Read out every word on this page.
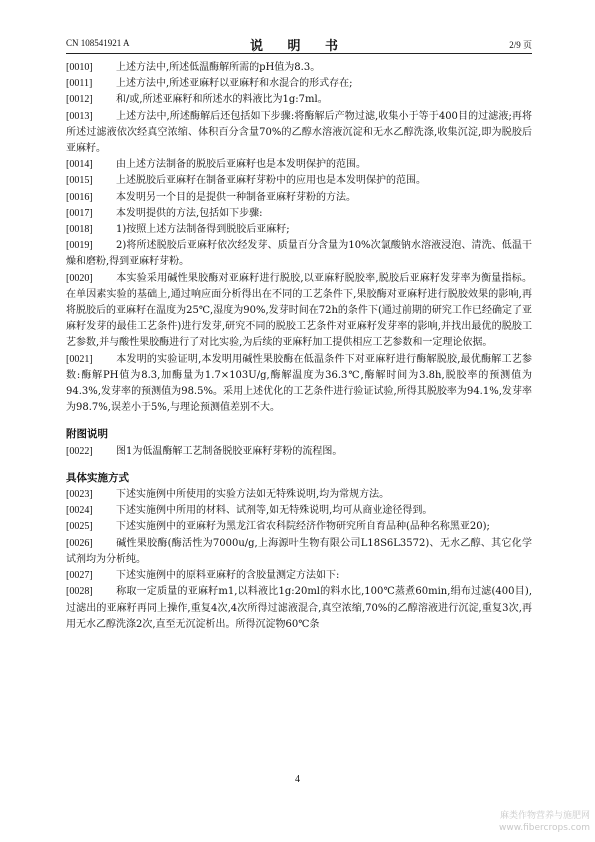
CN 108541921 A	说 明 书	2/9 页
[0010] 上述方法中,所述低温酶解所需的pH值为8.3。
[0011] 上述方法中,所述亚麻籽以亚麻籽和水混合的形式存在;
[0012] 和/或,所述亚麻籽和所述水的料液比为1g:7ml。
[0013] 上述方法中,所述酶解后还包括如下步骤:将酶解后产物过滤,收集小于等于400目的过滤液;再将所述过滤液依次经真空浓缩、体积百分含量70%的乙醇水溶液沉淀和无水乙醇洗涤,收集沉淀,即为脱胶后亚麻籽。
[0014] 由上述方法制备的脱胶后亚麻籽也是本发明保护的范围。
[0015] 上述脱胶后亚麻籽在制备亚麻籽芽粉中的应用也是本发明保护的范围。
[0016] 本发明另一个目的是提供一种制备亚麻籽芽粉的方法。
[0017] 本发明提供的方法,包括如下步骤:
[0018] 1)按照上述方法制备得到脱胶后亚麻籽;
[0019] 2)将所述脱胶后亚麻籽依次经发芽、质量百分含量为10%次氯酸钠水溶液浸泡、清洗、低温干燥和磨粉,得到亚麻籽芽粉。
[0020] 本实验采用碱性果胶酶对亚麻籽进行脱胶,以亚麻籽脱胶率,脱胶后亚麻籽发芽率为衡量指标。在单因素实验的基础上,通过响应面分析得出在不同的工艺条件下,果胶酶对亚麻籽进行脱胶效果的影响,再将脱胶后的亚麻籽在温度为25℃,湿度为90%,发芽时间在72h的条件下(通过前期的研究工作已经确定了亚麻籽发芽的最佳工艺条件)进行发芽,研究不同的脱胶工艺条件对亚麻籽发芽率的影响,并找出最优的脱胶工艺参数,并与酸性果胶酶进行了对比实验,为后续的亚麻籽加工提供相应工艺参数和一定理论依据。
[0021] 本发明的实验证明,本发明用碱性果胶酶在低温条件下对亚麻籽进行酶解脱胶,最优酶解工艺参数:酶解PH值为8.3,加酶量为1.7×103U/g,酶解温度为36.3℃,酶解时间为3.8h,脱胶率的预测值为94.3%,发芽率的预测值为98.5%。采用上述优化的工艺条件进行验证试验,所得其脱胶率为94.1%,发芽率为98.7%,误差小于5%,与理论预测值差别不大。
附图说明
[0022] 图1为低温酶解工艺制备脱胶亚麻籽芽粉的流程图。
具体实施方式
[0023] 下述实施例中所使用的实验方法如无特殊说明,均为常规方法。
[0024] 下述实施例中所用的材料、试剂等,如无特殊说明,均可从商业途径得到。
[0025] 下述实施例中的亚麻籽为黑龙江省农科院经济作物研究所自育品种(品种名称黑亚20);
[0026] 碱性果胶酶(酶活性为7000u/g,上海源叶生物有限公司L18S6L3572)、无水乙醇、其它化学试剂均为分析纯。
[0027] 下述实施例中的原料亚麻籽的含胶量测定方法如下:
[0028] 称取一定质量的亚麻籽m1,以料液比1g:20ml的料水比,100℃蒸煮60min,绢布过滤(400目),过滤出的亚麻籽再同上操作,重复4次,4次所得过滤液混合,真空浓缩,70%的乙醇溶液进行沉淀,重复3次,再用无水乙醇洗涤2次,直至无沉淀析出。所得沉淀物60℃条
4
麻类作物营养与施肥网
www.fibercrops.com
